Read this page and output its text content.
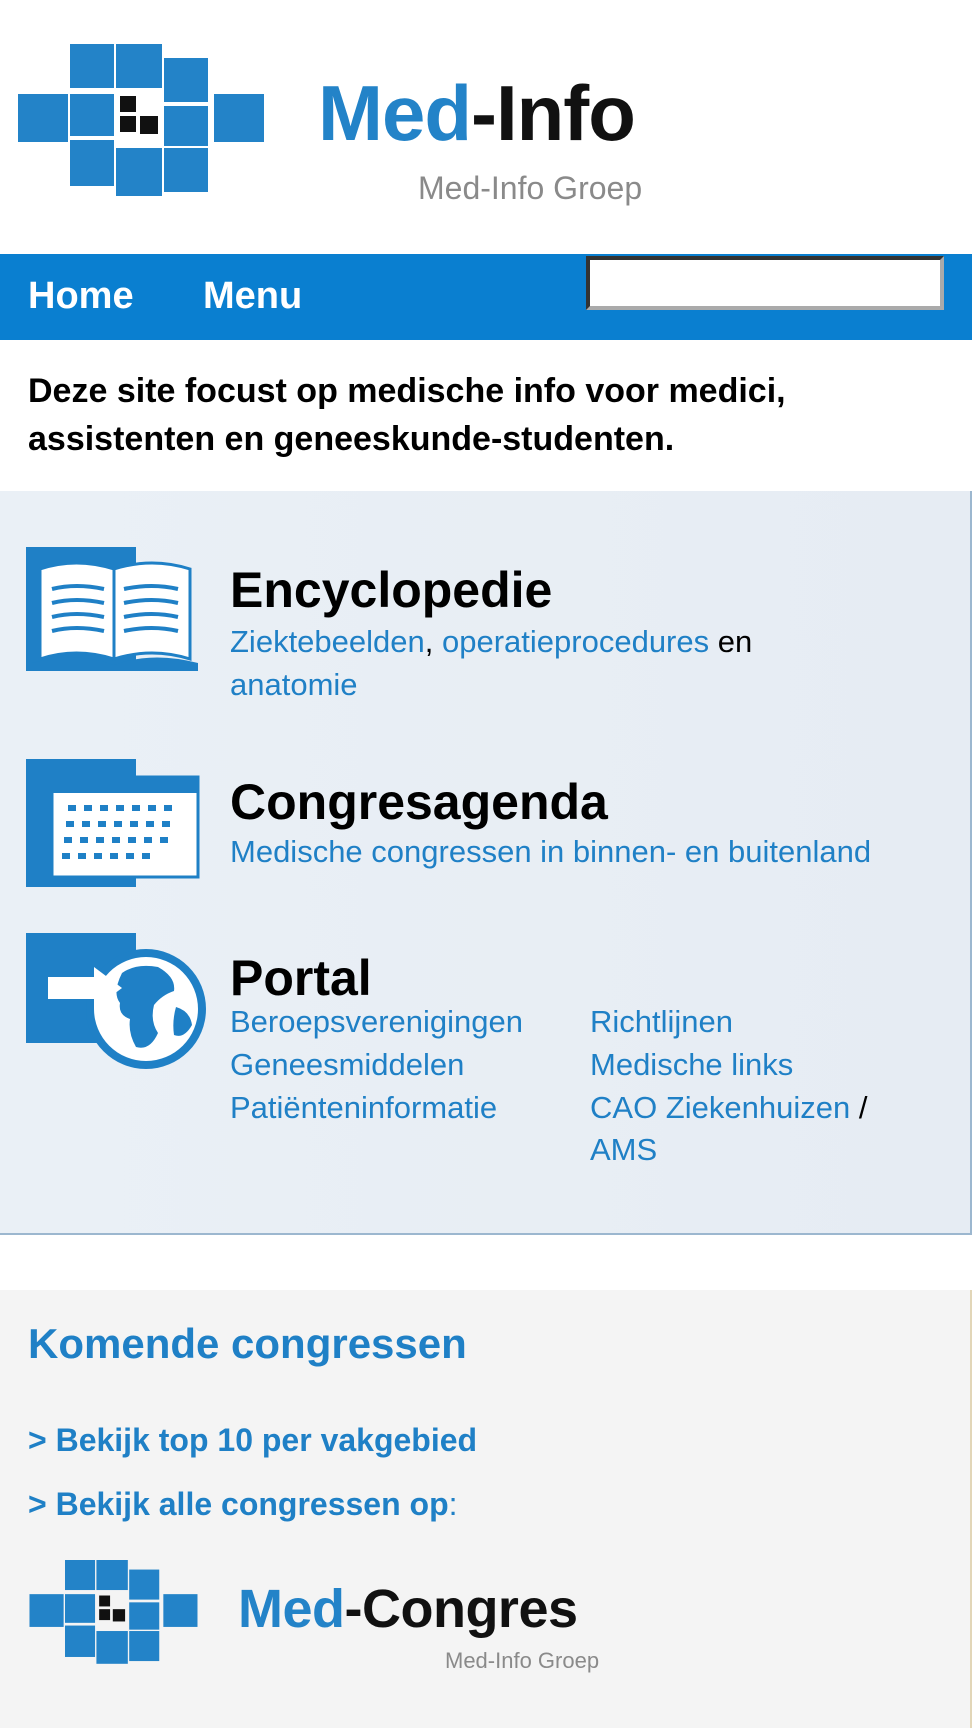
Med-Info
Med-Info Groep
Home Menu

Deze site focust op medische info voor medici, assistenten en geneeskunde-studenten.

Encyclopedie
Ziektebeelden, operatieprocedures en
anatomie
Congresagenda
Medische congressen in binnen- en buitenland
Portal
Beroepsverenigingen
Geneesmiddelen
Patiënteninformatie
Richtlijnen
Medische links
CAO Ziekenhuizen /
AMS
Komende congressen
> Bekijk top 10 per vakgebied
> Bekijk alle congressen op:
Med-Congres
Med-Info Groep
